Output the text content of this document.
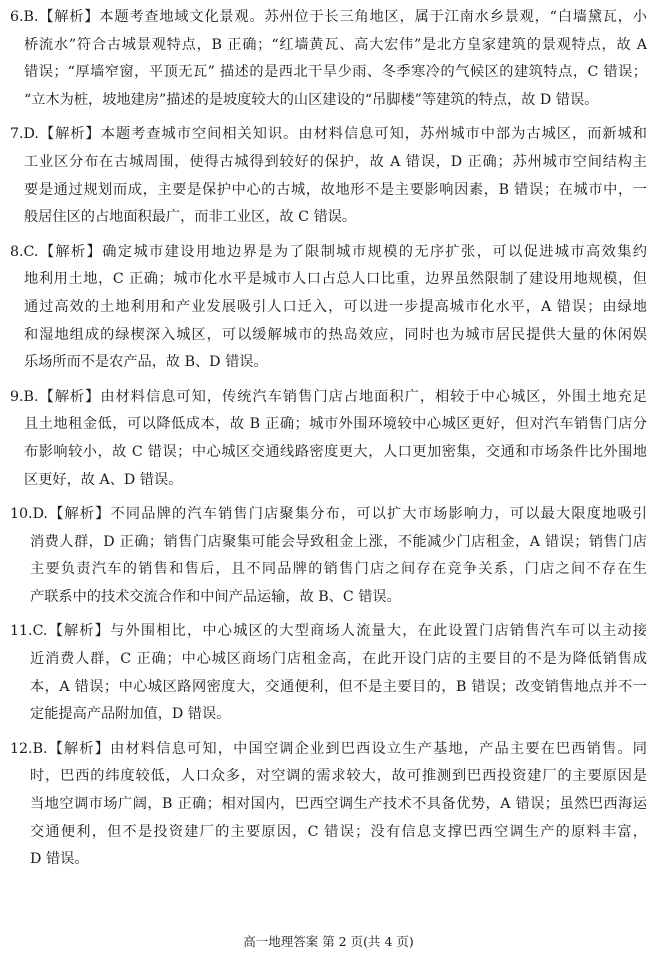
6.B.【解析】本题考查地域文化景观。苏州位于长三角地区，属于江南水乡景观，“白墙黛瓦，小
桥流水”符合古城景观特点，B 正确；“红墙黄瓦、高大宏伟”是北方皇家建筑的景观特点，故 A
错误；“厚墙窄窗，平顶无瓦” 描述的是西北干旱少雨、冬季寒冷的气候区的建筑特点，C 错误；
“立木为桩，坡地建房”描述的是坡度较大的山区建设的“吊脚楼”等建筑的特点，故 D 错误。
7.D.【解析】本题考查城市空间相关知识。由材料信息可知，苏州城市中部为古城区，而新城和
工业区分布在古城周围，使得古城得到较好的保护，故 A 错误，D 正确；苏州城市空间结构主
要是通过规划而成，主要是保护中心的古城，故地形不是主要影响因素，B 错误；在城市中，一
般居住区的占地面积最广，而非工业区，故 C 错误。
8.C.【解析】确定城市建设用地边界是为了限制城市规模的无序扩张，可以促进城市高效集约
地利用土地，C 正确；城市化水平是城市人口占总人口比重，边界虽然限制了建设用地规模，但
通过高效的土地利用和产业发展吸引人口迁入，可以进一步提高城市化水平，A 错误；由绿地
和湿地组成的绿楔深入城区，可以缓解城市的热岛效应，同时也为城市居民提供大量的休闲娱
乐场所而不是农产品，故 B、D 错误。
9.B.【解析】由材料信息可知，传统汽车销售门店占地面积广，相较于中心城区，外围土地充足
且土地租金低，可以降低成本，故 B 正确；城市外围环境较中心城区更好，但对汽车销售门店分
布影响较小，故 C 错误；中心城区交通线路密度更大，人口更加密集，交通和市场条件比外围地
区更好，故 A、D 错误。
10.D.【解析】不同品牌的汽车销售门店聚集分布，可以扩大市场影响力，可以最大限度地吸引
消费人群，D 正确；销售门店聚集可能会导致租金上涨，不能减少门店租金，A 错误；销售门店
主要负责汽车的销售和售后，且不同品牌的销售门店之间存在竞争关系，门店之间不存在生
产联系中的技术交流合作和中间产品运输，故 B、C 错误。
11.C.【解析】与外围相比，中心城区的大型商场人流量大，在此设置门店销售汽车可以主动接
近消费人群，C 正确；中心城区商场门店租金高，在此开设门店的主要目的不是为降低销售成
本，A 错误；中心城区路网密度大，交通便利，但不是主要目的，B 错误；改变销售地点并不一
定能提高产品附加值，D 错误。
12.B.【解析】由材料信息可知，中国空调企业到巴西设立生产基地，产品主要在巴西销售。同
时，巴西的纬度较低，人口众多，对空调的需求较大，故可推测到巴西投资建厂的主要原因是
当地空调市场广阔，B 正确；相对国内，巴西空调生产技术不具备优势，A 错误；虽然巴西海运
交通便利，但不是投资建厂的主要原因，C 错误；没有信息支撑巴西空调生产的原料丰富，
D 错误。
高一地理答案 第 2 页(共 4 页)
